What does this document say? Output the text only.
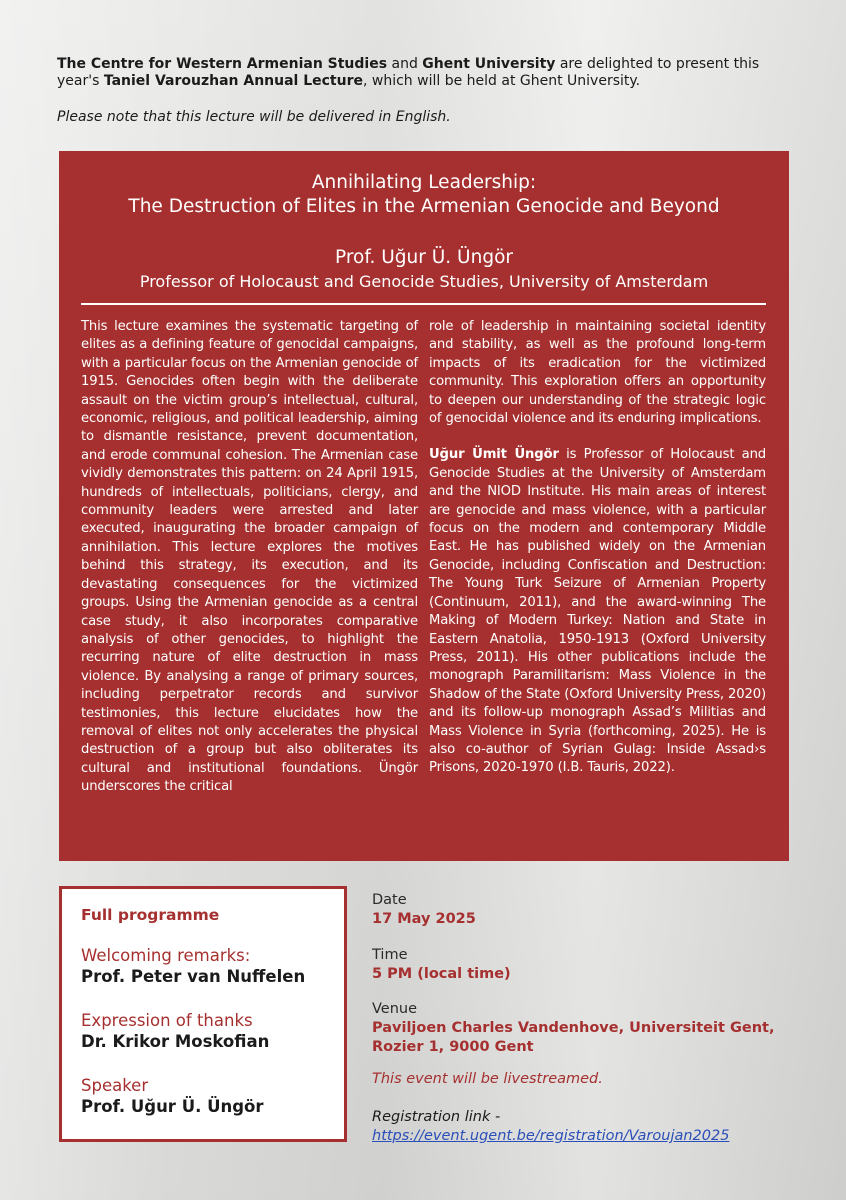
The Centre for Western Armenian Studies and Ghent University are delighted to present this year's Taniel Varouzhan Annual Lecture, which will be held at Ghent University.

Please note that this lecture will be delivered in English.

Annihilating Leadership:
The Destruction of Elites in the Armenian Genocide and Beyond
Prof. Uğur Ü. Üngör

Professor of Holocaust and Genocide Studies, University of Amsterdam

This lecture examines the systematic targeting of elites as a defining feature of genocidal campaigns, with a particular focus on the Armenian genocide of 1915. Genocides often begin with the deliberate assault on the victim group’s intellectual, cultural, economic, religious, and political leadership, aiming to dismantle resistance, prevent documentation, and erode communal cohesion. The Armenian case vividly demonstrates this pattern: on 24 April 1915, hundreds of intellectuals, politicians, clergy, and community leaders were arrested and later executed, inaugurating the broader campaign of annihilation. This lecture explores the motives behind this strategy, its execution, and its devastating consequences for the victimized groups. Using the Armenian genocide as a central case study, it also incorporates comparative analysis of other genocides, to highlight the recurring nature of elite destruction in mass violence. By analysing a range of primary sources, including perpetrator records and survivor testimonies, this lecture elucidates how the removal of elites not only accelerates the physical destruction of a group but also obliterates its cultural and institutional foundations. Üngör underscores the critical

role of leadership in maintaining societal identity and stability, as well as the profound long-term impacts of its eradication for the victimized community. This exploration offers an opportunity to deepen our understanding of the strategic logic of genocidal violence and its enduring implications.

Uğur Ümit Üngör is Professor of Holocaust and Genocide Studies at the University of Amsterdam and the NIOD Institute. His main areas of interest are genocide and mass violence, with a particular focus on the modern and contemporary Middle East. He has published widely on the Armenian Genocide, including Confiscation and Destruction: The Young Turk Seizure of Armenian Property (Continuum, 2011), and the award-winning The Making of Modern Turkey: Nation and State in Eastern Anatolia, 1950-1913 (Oxford University Press, 2011). His other publications include the monograph Paramilitarism: Mass Violence in the Shadow of the State (Oxford University Press, 2020) and its follow-up monograph Assad’s Militias and Mass Violence in Syria (forthcoming, 2025). He is also co-author of Syrian Gulag: Inside Assad›s Prisons, 2020-1970 (I.B. Tauris, 2022).

Full programme
Welcoming remarks:
Prof. Peter van Nuffelen
Expression of thanks
Dr. Krikor Moskofian
Speaker
Prof. Uğur Ü. Üngör
Date
17 May 2025
Time
5 PM (local time)
Venue
Paviljoen Charles Vandenhove, Universiteit Gent,
Rozier 1, 9000 Gent
This event will be livestreamed.
Registration link -
https://event.ugent.be/registration/Varoujan2025
